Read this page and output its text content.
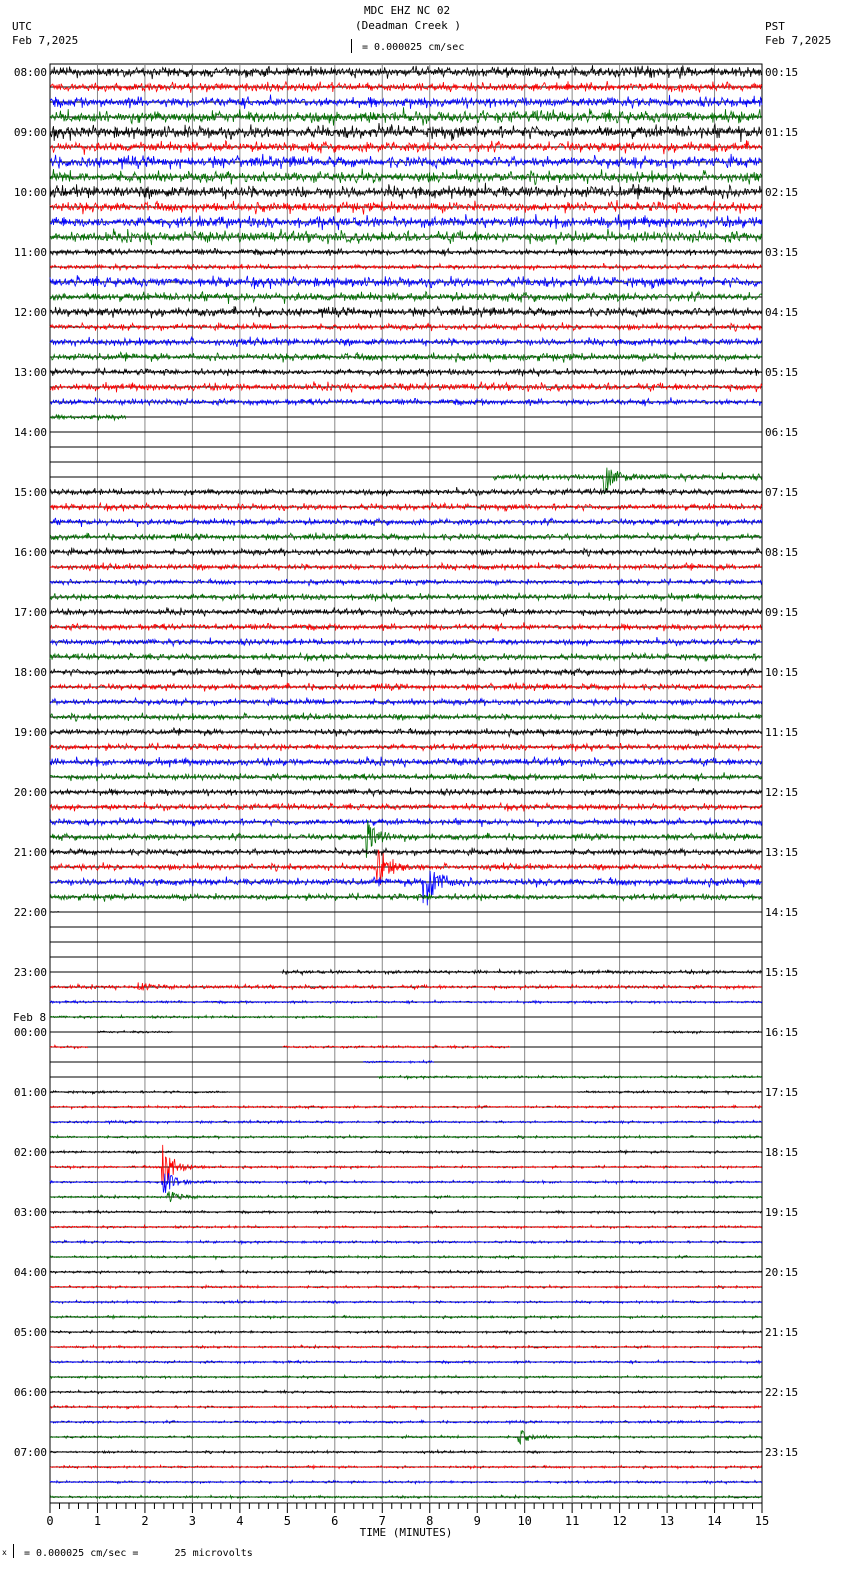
MDC EHZ NC 02
(Deadman Creek )
UTC
Feb 7,2025
PST
Feb 7,2025
= 0.000025 cm/sec
08:00
09:00
10:00
11:00
12:00
13:00
14:00
15:00
16:00
17:00
18:00
19:00
20:00
21:00
22:00
23:00
00:00
01:00
02:00
03:00
04:00
05:00
06:00
07:00
Feb 8
00:15
01:15
02:15
03:15
04:15
05:15
06:15
07:15
08:15
09:15
10:15
11:15
12:15
13:15
14:15
15:15
16:15
17:15
18:15
19:15
20:15
21:15
22:15
23:15
0	1	2	3	4	5	6	7	8	9	10	11	12	13	14	15
TIME (MINUTES)
x = 0.000025 cm/sec =      25 microvolts
